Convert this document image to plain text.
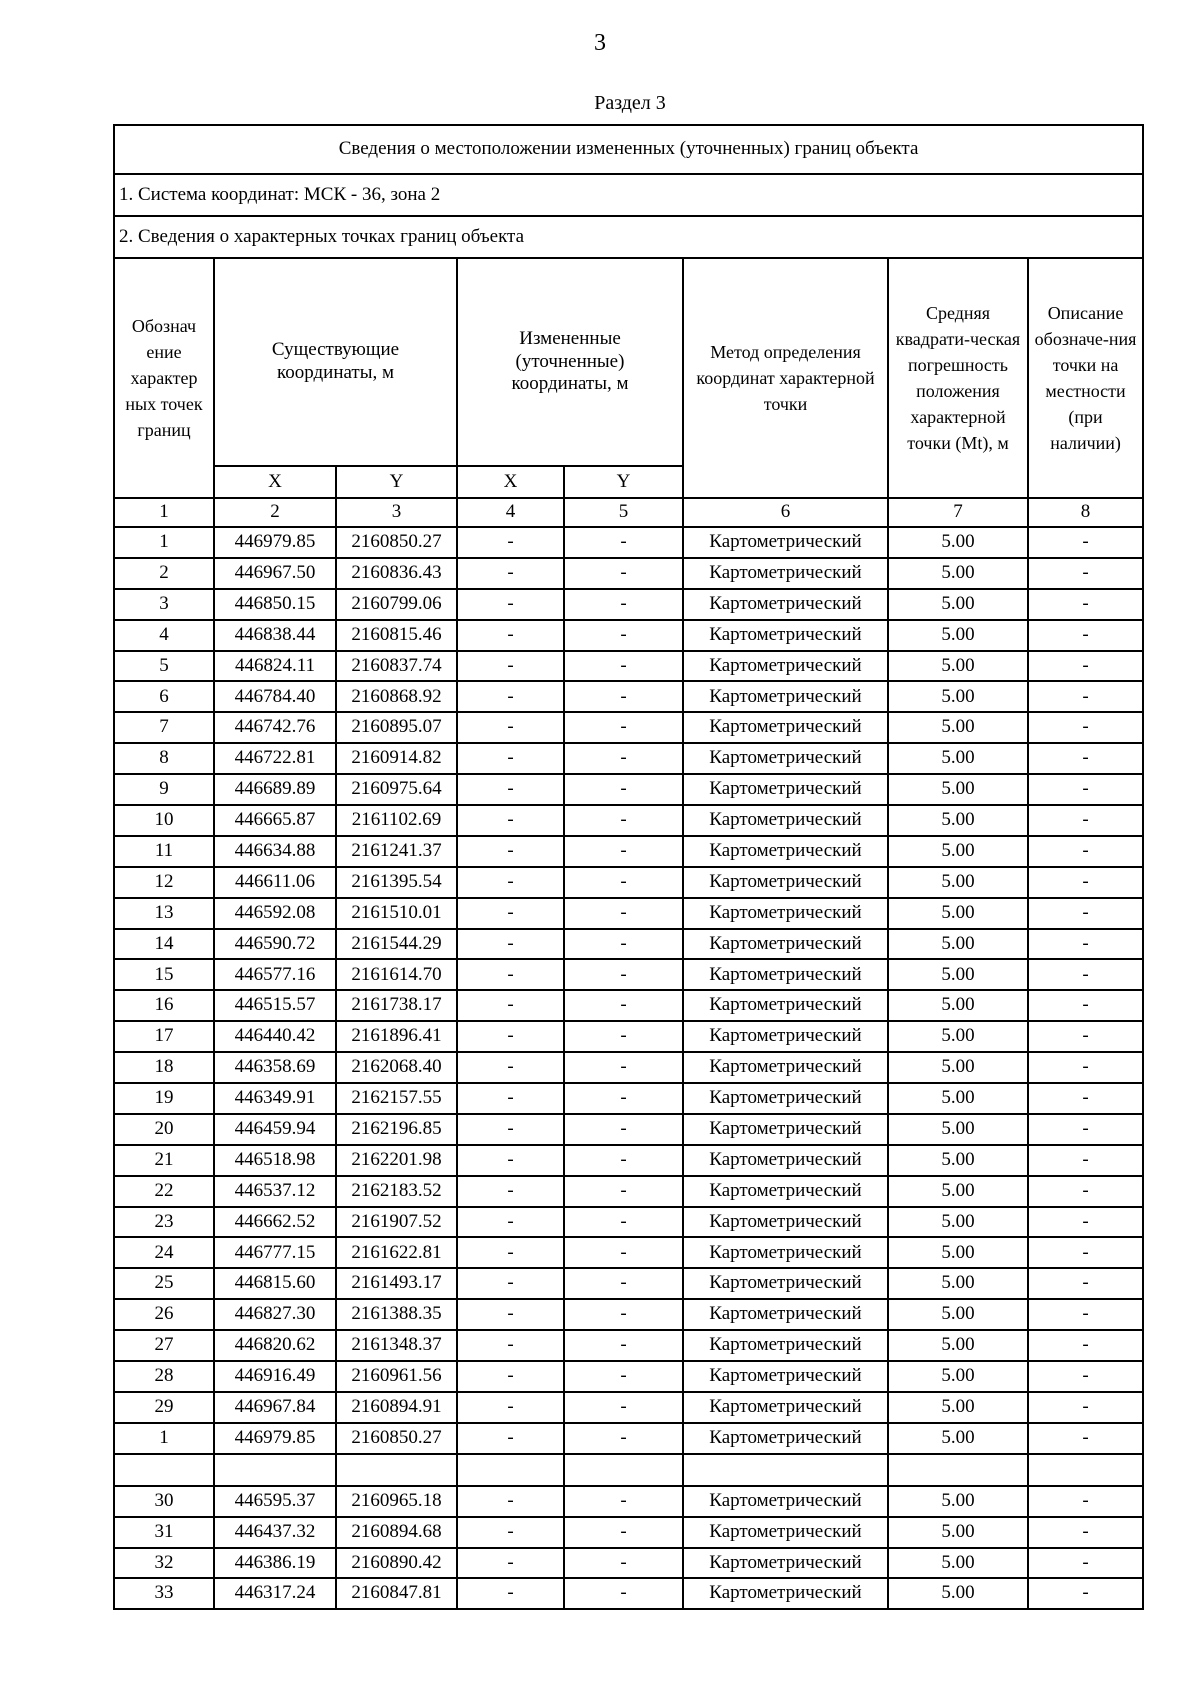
3
Раздел 3
Сведения о местоположении измененных (уточненных) границ объекта							
1. Система координат: МСК - 36, зона 2							
2. Сведения о характерных точках границ объекта							
Обознач ение характер ных точек границ	Существующие координаты, м		Измененные (уточненные) координаты, м		Метод определения координат характерной точки	Средняя квадрати-ческая погрешность положения характерной точки (Mt), м	Описание обозначе-ния точки на местности (при наличии)
	X	Y	X	Y			
1	2	3	4	5	6	7	8
1	446979.85	2160850.27	-	-	Картометрический	5.00	-
2	446967.50	2160836.43	-	-	Картометрический	5.00	-
3	446850.15	2160799.06	-	-	Картометрический	5.00	-
4	446838.44	2160815.46	-	-	Картометрический	5.00	-
5	446824.11	2160837.74	-	-	Картометрический	5.00	-
6	446784.40	2160868.92	-	-	Картометрический	5.00	-
7	446742.76	2160895.07	-	-	Картометрический	5.00	-
8	446722.81	2160914.82	-	-	Картометрический	5.00	-
9	446689.89	2160975.64	-	-	Картометрический	5.00	-
10	446665.87	2161102.69	-	-	Картометрический	5.00	-
11	446634.88	2161241.37	-	-	Картометрический	5.00	-
12	446611.06	2161395.54	-	-	Картометрический	5.00	-
13	446592.08	2161510.01	-	-	Картометрический	5.00	-
14	446590.72	2161544.29	-	-	Картометрический	5.00	-
15	446577.16	2161614.70	-	-	Картометрический	5.00	-
16	446515.57	2161738.17	-	-	Картометрический	5.00	-
17	446440.42	2161896.41	-	-	Картометрический	5.00	-
18	446358.69	2162068.40	-	-	Картометрический	5.00	-
19	446349.91	2162157.55	-	-	Картометрический	5.00	-
20	446459.94	2162196.85	-	-	Картометрический	5.00	-
21	446518.98	2162201.98	-	-	Картометрический	5.00	-
22	446537.12	2162183.52	-	-	Картометрический	5.00	-
23	446662.52	2161907.52	-	-	Картометрический	5.00	-
24	446777.15	2161622.81	-	-	Картометрический	5.00	-
25	446815.60	2161493.17	-	-	Картометрический	5.00	-
26	446827.30	2161388.35	-	-	Картометрический	5.00	-
27	446820.62	2161348.37	-	-	Картометрический	5.00	-
28	446916.49	2160961.56	-	-	Картометрический	5.00	-
29	446967.84	2160894.91	-	-	Картометрический	5.00	-
1	446979.85	2160850.27	-	-	Картометрический	5.00	-

30	446595.37	2160965.18	-	-	Картометрический	5.00	-
31	446437.32	2160894.68	-	-	Картометрический	5.00	-
32	446386.19	2160890.42	-	-	Картометрический	5.00	-
33	446317.24	2160847.81	-	-	Картометрический	5.00	-
